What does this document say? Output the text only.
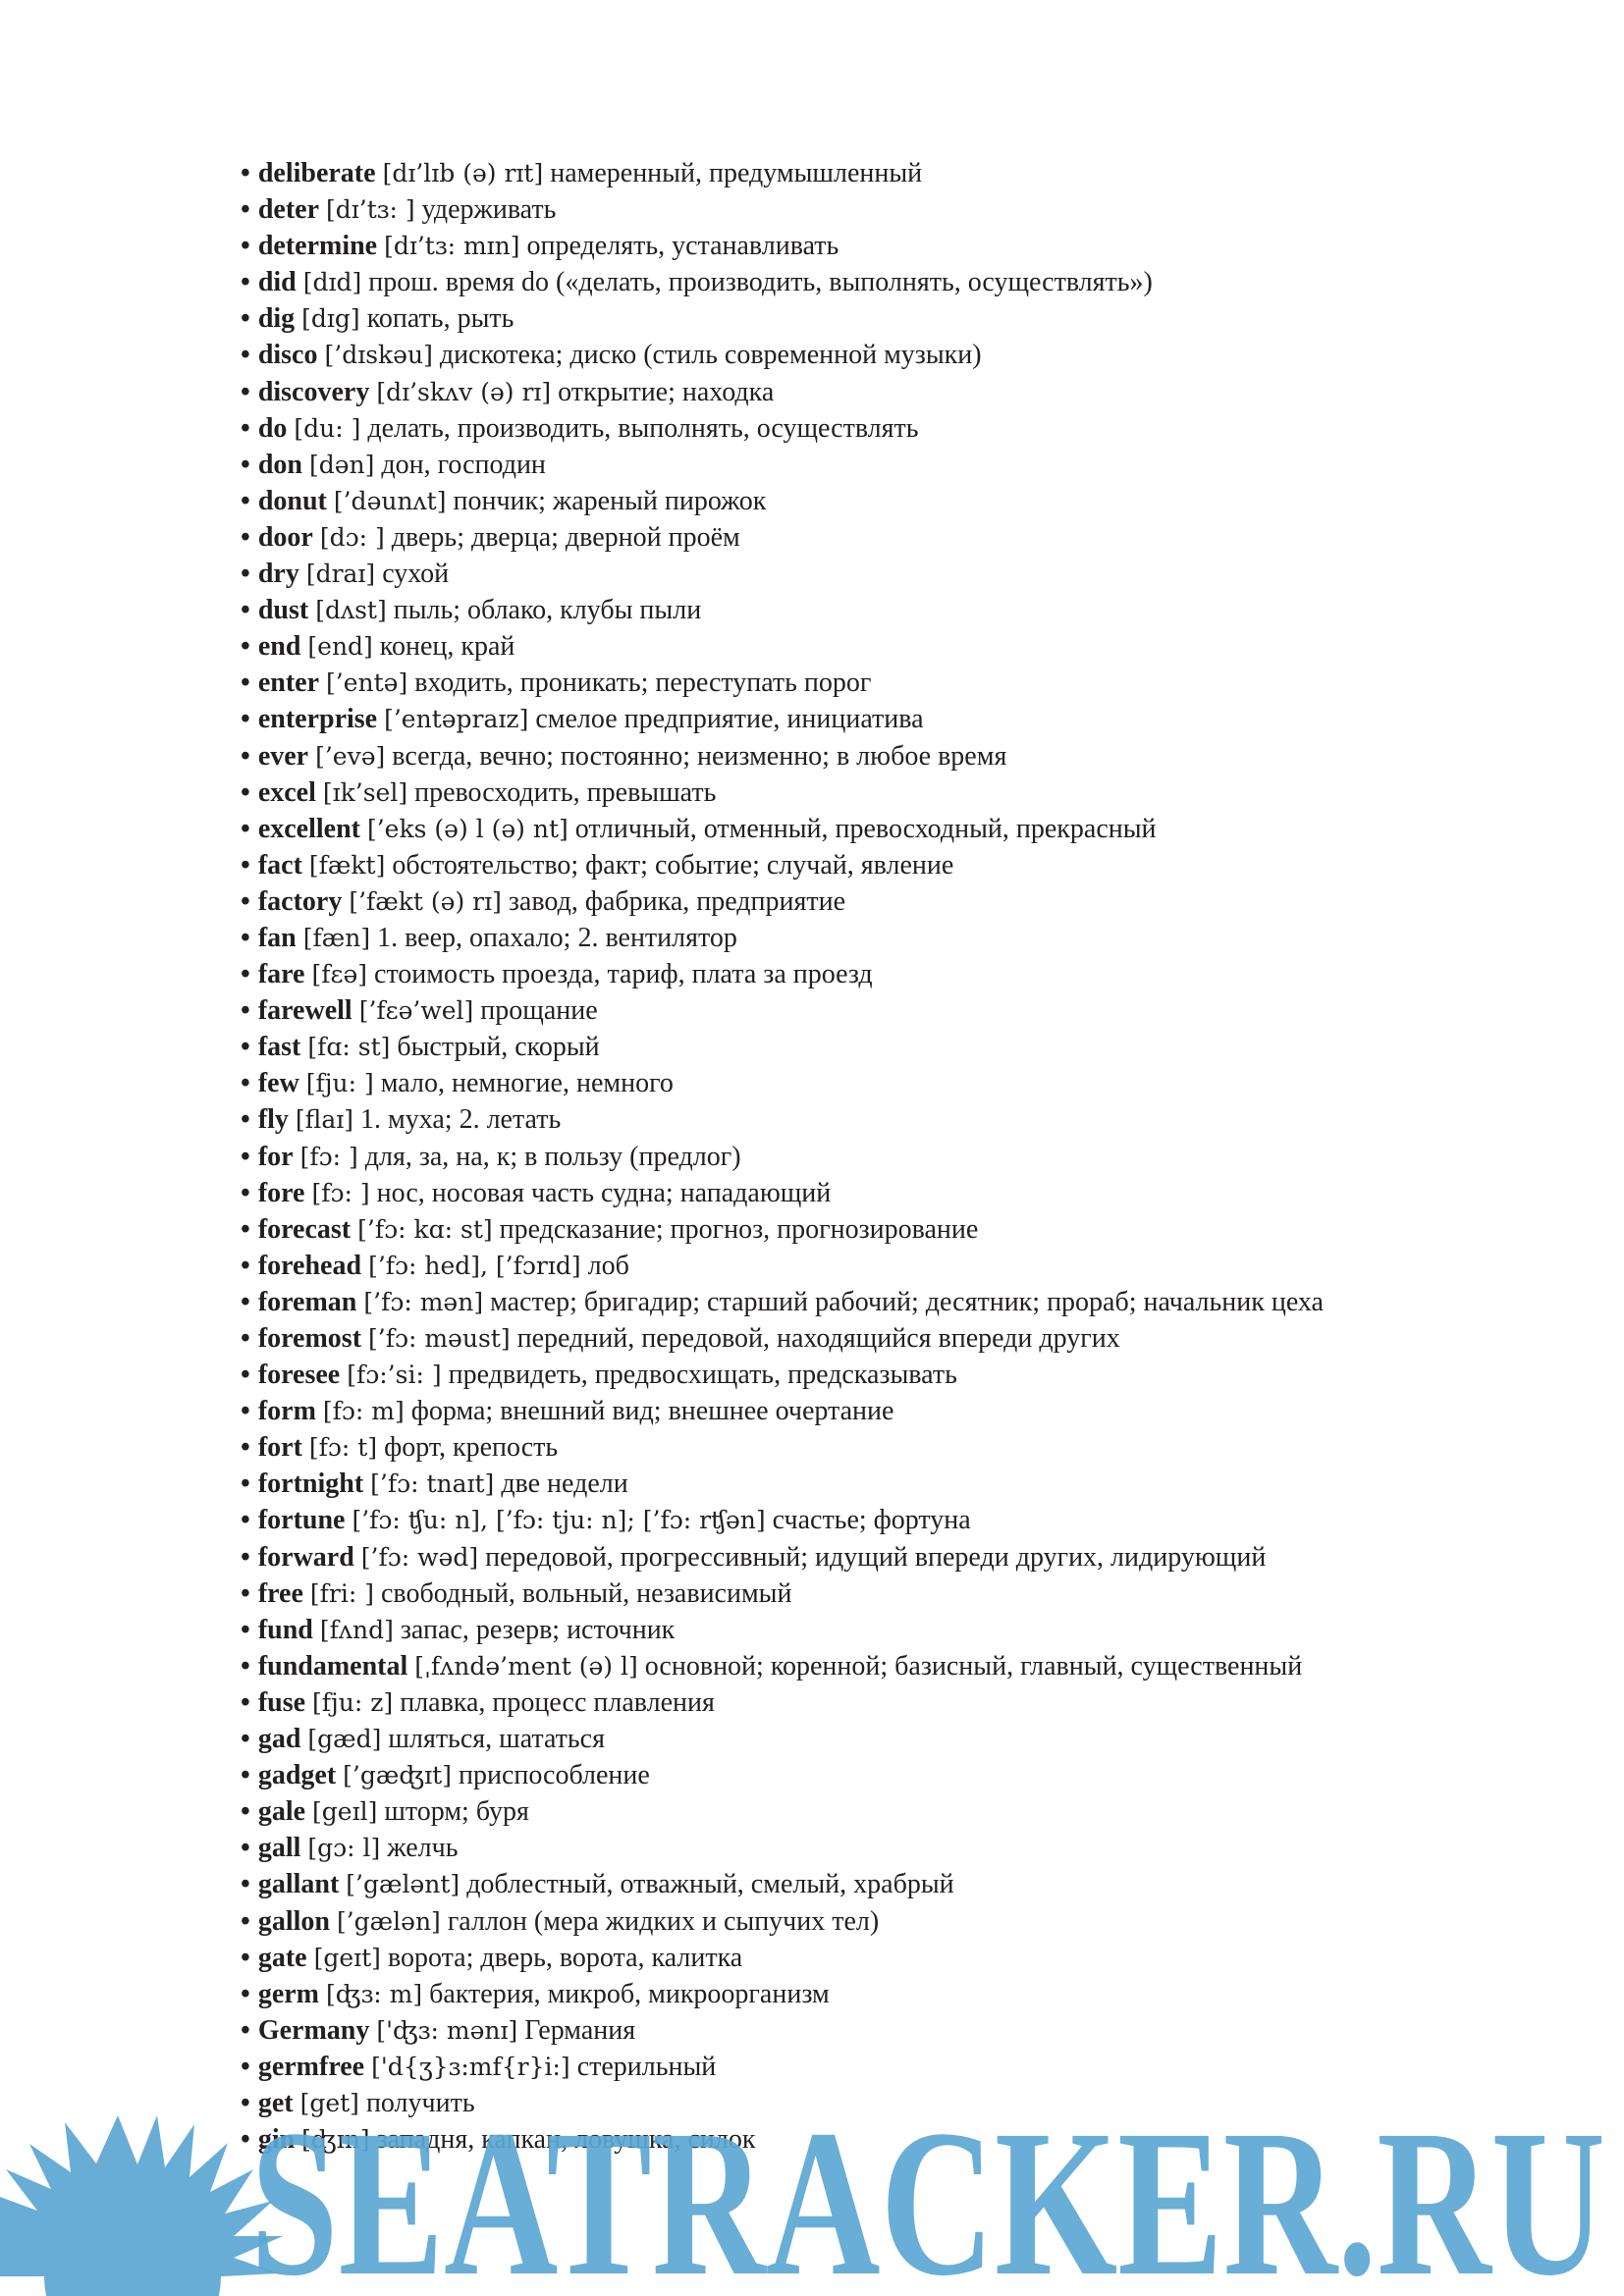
• deliberate [dɪ’lɪb (ə) rɪt] намеренный, предумышленный
• deter [dɪ’tɜ: ] удерживать
• determine [dɪ’tɜ: mɪn] определять, устанавливать
• did [dɪd] прош. время do («делать, производить, выполнять, осуществлять»)
• dig [dɪg] копать, рыть
• disco [’dɪskəu] дискотека; диско (стиль современной музыки)
• discovery [dɪ’skʌv (ə) rɪ] открытие; находка
• do [du: ] делать, производить, выполнять, осуществлять
• don [dən] дон, господин
• donut [’dəunʌt] пончик; жареный пирожок
• door [dɔ: ] дверь; дверца; дверной проём
• dry [draɪ] сухой
• dust [dʌst] пыль; облако, клубы пыли
• end [end] конец, край
• enter [’entə] входить, проникать; переступать порог
• enterprise [’entəpraɪz] смелое предприятие, инициатива
• ever [’evə] всегда, вечно; постоянно; неизменно; в любое время
• excel [ɪk’sel] превосходить, превышать
• excellent [’eks (ə) l (ə) nt] отличный, отменный, превосходный, прекрасный
• fact [fækt] обстоятельство; факт; событие; случай, явление
• factory [’fækt (ə) rɪ] завод, фабрика, предприятие
• fan [fæn] 1. веер, опахало; 2. вентилятор
• fare [fɛə] стоимость проезда, тариф, плата за проезд
• farewell [’fɛə’wel] прощание
• fast [fɑ: st] быстрый, скорый
• few [fju: ] мало, немногие, немного
• fly [flaɪ] 1. муха; 2. летать
• for [fɔ: ] для, за, на, к; в пользу (предлог)
• fore [fɔ: ] нос, носовая часть судна; нападающий
• forecast [’fɔ: kɑ: st] предсказание; прогноз, прогнозирование
• forehead [’fɔ: hed], [’fɔrɪd] лоб
• foreman [’fɔ: mən] мастер; бригадир; старший рабочий; десятник; прораб; начальник цеха
• foremost [’fɔ: məust] передний, передовой, находящийся впереди других
• foresee [fɔ:’si: ] предвидеть, предвосхищать, предсказывать
• form [fɔ: m] форма; внешний вид; внешнее очертание
• fort [fɔ: t] форт, крепость
• fortnight [’fɔ: tnaɪt] две недели
• fortune [’fɔ: ʧu: n], [’fɔ: tju: n]; [’fɔ: rʧən] счастье; фортуна
• forward [’fɔ: wəd] передовой, прогрессивный; идущий впереди других, лидирующий
• free [fri: ] свободный, вольный, независимый
• fund [fʌnd] запас, резерв; источник
• fundamental [ˌfʌndə’ment (ə) l] основной; коренной; базисный, главный, существенный
• fuse [fju: z] плавка, процесс плавления
• gad [gæd] шляться, шататься
• gadget [’gæʤɪt] приспособление
• gale [geɪl] шторм; буря
• gall [gɔ: l] желчь
• gallant [’gælənt] доблестный, отважный, смелый, храбрый
• gallon [’gælən] галлон (мера жидких и сыпучих тел)
• gate [geɪt] ворота; дверь, ворота, калитка
• germ [ʤɜ: m] бактерия, микроб, микроорганизм
• Germany ['ʤɜ: mənɪ] Германия
• germfree ['d{ʒ}ɜ:mf{r}i:] стерильный
• get [get] получить
• gin [ʤɪn] западня, капкан, ловушка, силок
SEATRACKER.RU
